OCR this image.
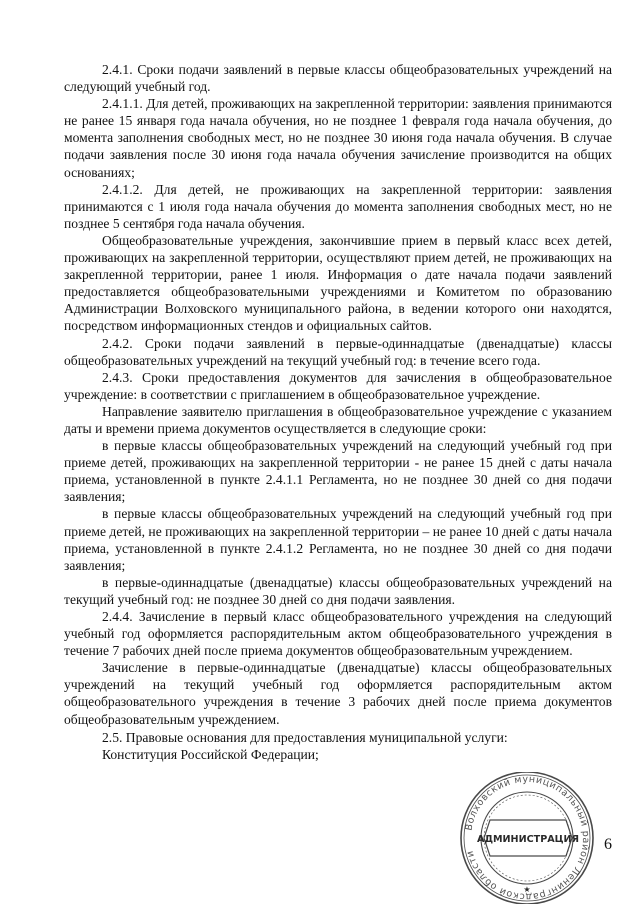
2.4.1. Сроки подачи заявлений в первые классы общеобразовательных учреждений на следующий учебный год.

2.4.1.1. Для детей, проживающих на закрепленной территории: заявления принимаются не ранее 15 января года начала обучения, но не позднее 1 февраля года начала обучения, до момента заполнения свободных мест, но не позднее 30 июня года начала обучения. В случае подачи заявления после 30 июня года начала обучения зачисление производится на общих основаниях;

2.4.1.2. Для детей, не проживающих на закрепленной территории: заявления принимаются с 1 июля года начала обучения до момента заполнения свободных мест, но не позднее 5 сентября года начала обучения.

Общеобразовательные учреждения, закончившие прием в первый класс всех детей, проживающих на закрепленной территории, осуществляют прием детей, не проживающих на закрепленной территории, ранее 1 июля. Информация о дате начала подачи заявлений предоставляется общеобразовательными учреждениями и Комитетом по образованию Администрации Волховского муниципального района, в ведении которого они находятся, посредством информационных стендов и официальных сайтов.

2.4.2. Сроки подачи заявлений в первые-одиннадцатые (двенадцатые) классы общеобразовательных учреждений на текущий учебный год: в течение всего года.

2.4.3. Сроки предоставления документов для зачисления в общеобразовательное учреждение: в соответствии с приглашением в общеобразовательное учреждение.

Направление заявителю приглашения в общеобразовательное учреждение с указанием даты и времени приема документов осуществляется в следующие сроки:

в первые классы общеобразовательных учреждений на следующий учебный год при приеме детей, проживающих на закрепленной территории - не ранее 15 дней с даты начала приема, установленной в пункте 2.4.1.1 Регламента, но не позднее 30 дней со дня подачи заявления;

в первые классы общеобразовательных учреждений на следующий учебный год при приеме детей, не проживающих на закрепленной территории – не ранее 10 дней с даты начала приема, установленной в пункте 2.4.1.2 Регламента, но не позднее 30 дней со дня подачи заявления;

в первые-одиннадцатые (двенадцатые) классы общеобразовательных учреждений на текущий учебный год: не позднее 30 дней со дня подачи заявления.

2.4.4. Зачисление в первый класс общеобразовательного учреждения на следующий учебный год оформляется распорядительным актом общеобразовательного учреждения в течение 7 рабочих дней после приема документов общеобразовательным учреждением.

Зачисление в первые-одиннадцатые (двенадцатые) классы общеобразовательных учреждений на текущий учебный год оформляется распорядительным актом общеобразовательного учреждения в течение 3 рабочих дней после приема документов общеобразовательным учреждением.

2.5. Правовые основания для предоставления муниципальной услуги:

Конституция Российской Федерации;

6
Волховский муниципальный район Ленинградской области
АДМИНИСТРАЦИЯ
★
